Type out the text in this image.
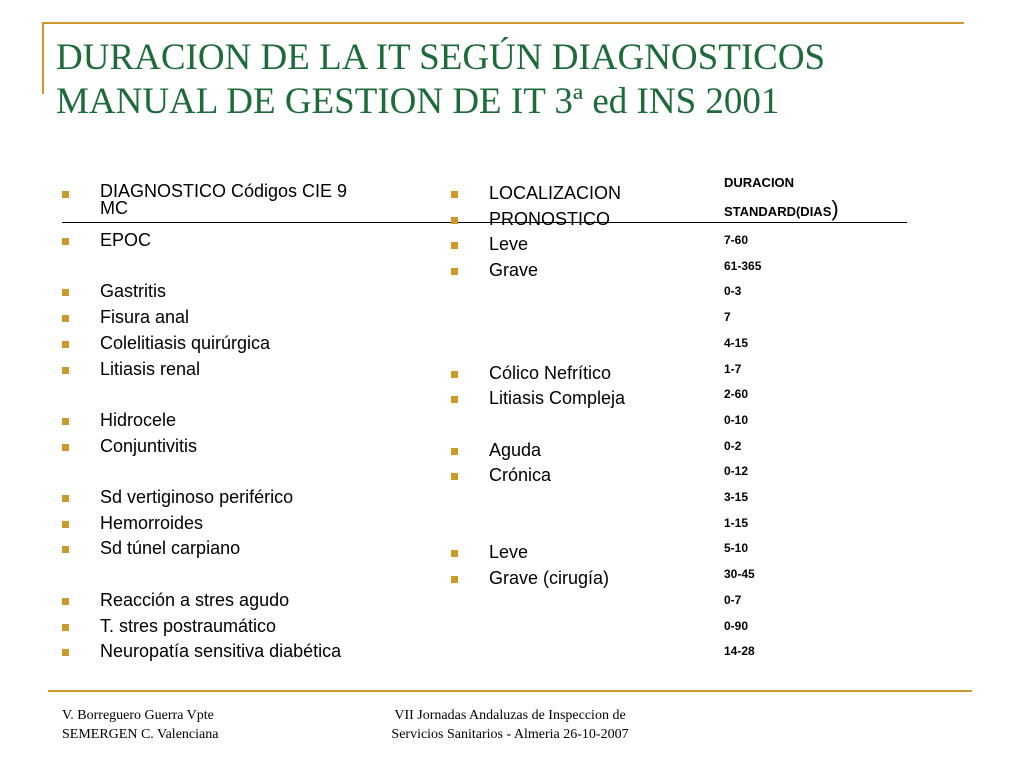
DURACION DE LA IT SEGÚN DIAGNOSTICOS
MANUAL DE GESTION DE IT 3ª ed INS 2001
DIAGNOSTICO Códigos CIE 9
MC
EPOC
Gastritis
Fisura anal
Colelitiasis quirúrgica
Litiasis renal
Hidrocele
Conjuntivitis
Sd vertiginoso periférico
Hemorroides
Sd túnel carpiano
Reacción a stres agudo
T. stres postraumático
Neuropatía sensitiva diabética
LOCALIZACION
PRONOSTICO
Leve
Grave
Cólico Nefrítico
Litiasis Compleja
Aguda
Crónica
Leve
Grave (cirugía)
DURACION
STANDARD(DIAS)
7-60
61-365
0-3
7
4-15
1-7
2-60
0-10
0-2
0-12
3-15
1-15
5-10
30-45
0-7
0-90
14-28
V. Borreguero Guerra Vpte
SEMERGEN C. Valenciana
VII Jornadas Andaluzas de Inspeccion de
Servicios Sanitarios - Almeria 26-10-2007
